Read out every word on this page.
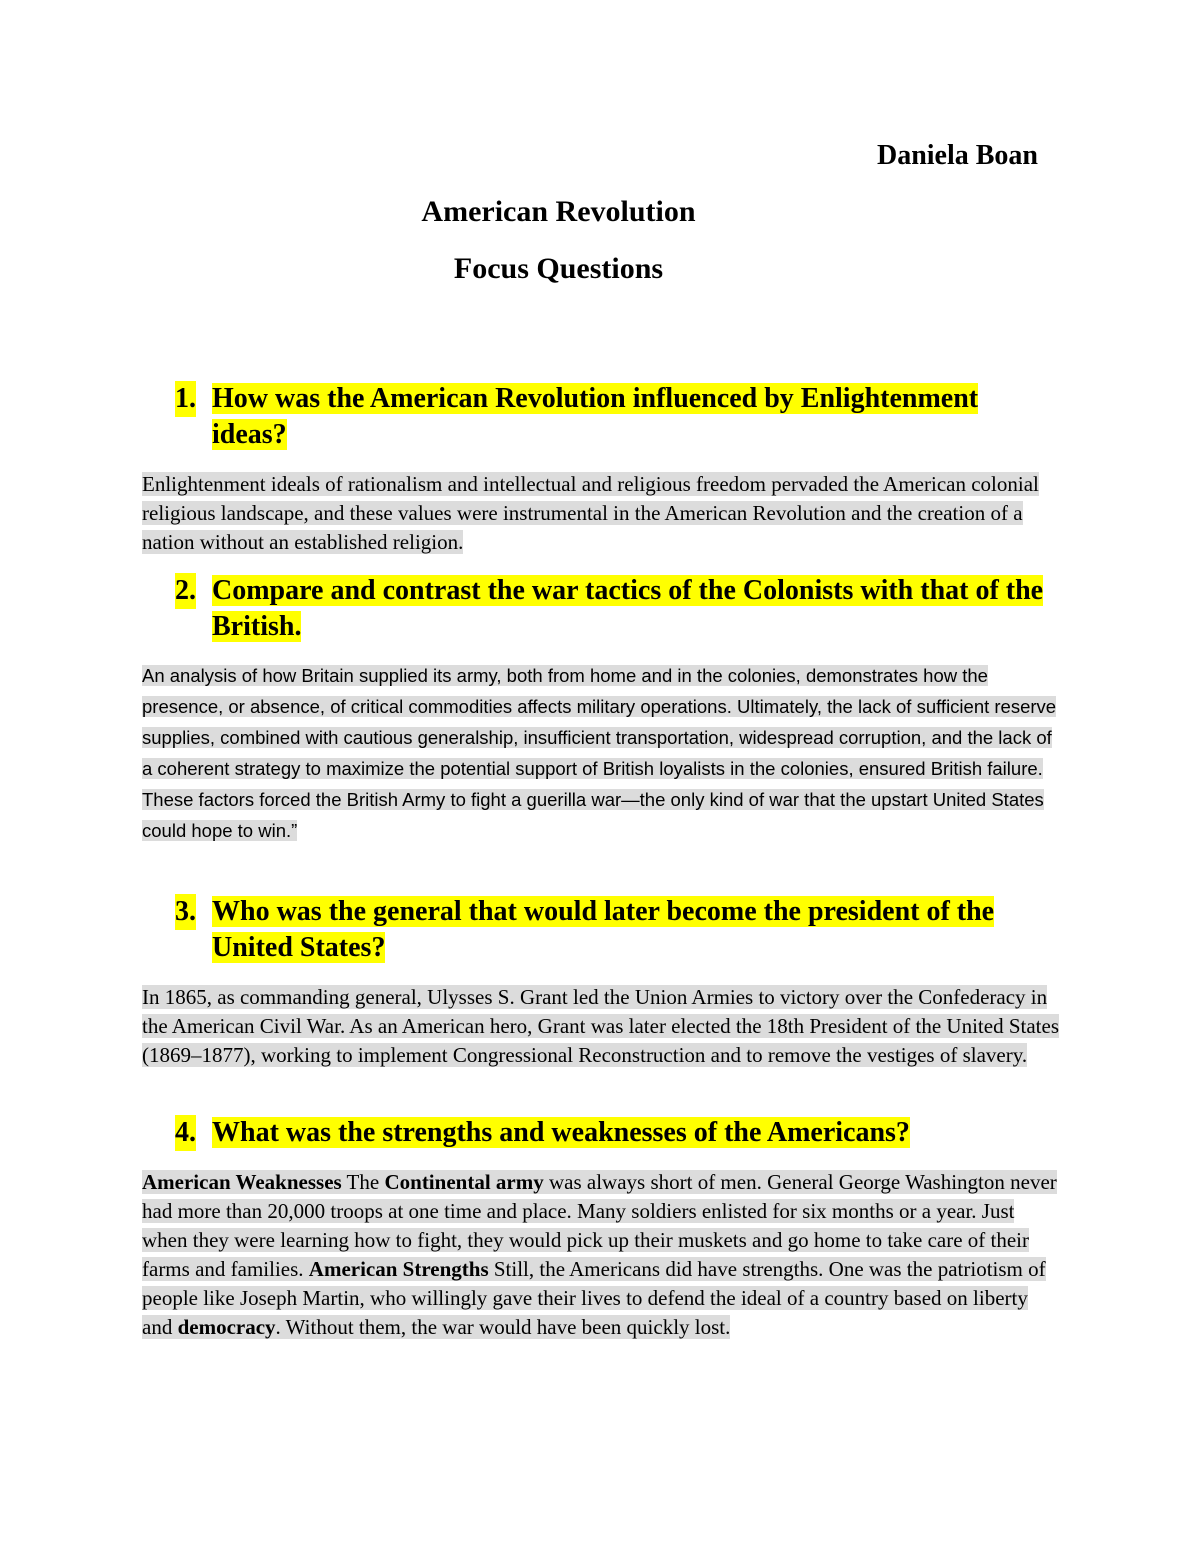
Daniela Boan
American Revolution
Focus Questions
1. How was the American Revolution influenced by Enlightenment ideas?
Enlightenment ideals of rationalism and intellectual and religious freedom pervaded the American colonial religious landscape, and these values were instrumental in the American Revolution and the creation of a nation without an established religion.
2. Compare and contrast the war tactics of the Colonists with that of the British.
An analysis of how Britain supplied its army, both from home and in the colonies, demonstrates how the presence, or absence, of critical commodities affects military operations. Ultimately, the lack of sufficient reserve supplies, combined with cautious generalship, insufficient transportation, widespread corruption, and the lack of a coherent strategy to maximize the potential support of British loyalists in the colonies, ensured British failure. These factors forced the British Army to fight a guerilla war—the only kind of war that the upstart United States could hope to win.”
3. Who was the general that would later become the president of the United States?
In 1865, as commanding general, Ulysses S. Grant led the Union Armies to victory over the Confederacy in the American Civil War. As an American hero, Grant was later elected the 18th President of the United States (1869–1877), working to implement Congressional Reconstruction and to remove the vestiges of slavery.
4. What was the strengths and weaknesses of the Americans?
American Weaknesses The Continental army was always short of men. General George Washington never had more than 20,000 troops at one time and place. Many soldiers enlisted for six months or a year. Just when they were learning how to fight, they would pick up their muskets and go home to take care of their farms and families. American Strengths Still, the Americans did have strengths. One was the patriotism of people like Joseph Martin, who willingly gave their lives to defend the ideal of a country based on liberty and democracy. Without them, the war would have been quickly lost.
